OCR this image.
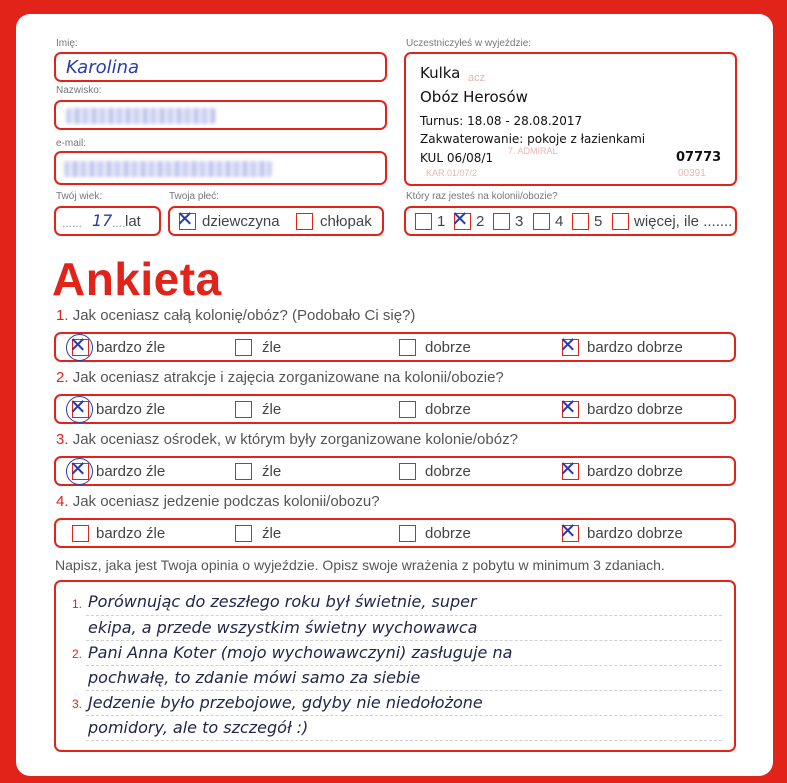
Imię:
Karolina
Nazwisko:
e-mail:
Twój wiek:
...... 17 .... lat
Twoja płeć:
✕ dziewczyna	chłopak
Uczestniczyłeś w wyjeździe:
acz
7. ADMIRAL
KAR 01/07/2	00391
Kulka
Obóz Herosów
Turnus: 18.08 - 28.08.2017
Zakwaterowanie: pokoje z łazienkami
KUL 06/08/1	07773
Który raz jesteś na kolonii/obozie?
1 ✕ 2 3 4 5 więcej, ile .......
Ankieta
1. Jak oceniasz całą kolonię/obóz? (Podobało Ci się?)
✕ bardzo źle	źle	dobrze	✕ bardzo dobrze
2. Jak oceniasz atrakcje i zajęcia zorganizowane na kolonii/obozie?
✕ bardzo źle	źle	dobrze	✕ bardzo dobrze
3. Jak oceniasz ośrodek, w którym były zorganizowane kolonie/obóz?
✕ bardzo źle	źle	dobrze	✕ bardzo dobrze
4. Jak oceniasz jedzenie podczas kolonii/obozu?
bardzo źle	źle	dobrze	✕ bardzo dobrze
Napisz, jaka jest Twoja opinia o wyjeździe. Opisz swoje wrażenia z pobytu w minimum 3 zdaniach.
1.
2.
3.
Porównując do zeszłego roku był świetnie, super
ekipa, a przede wszystkim świetny wychowawca
Pani Anna Koter (mojo wychowawczyni) zasługuje na
pochwałę, to zdanie mówi samo za siebie
Jedzenie było przebojowe, gdyby nie niedołożone
pomidory, ale to szczegół :)
